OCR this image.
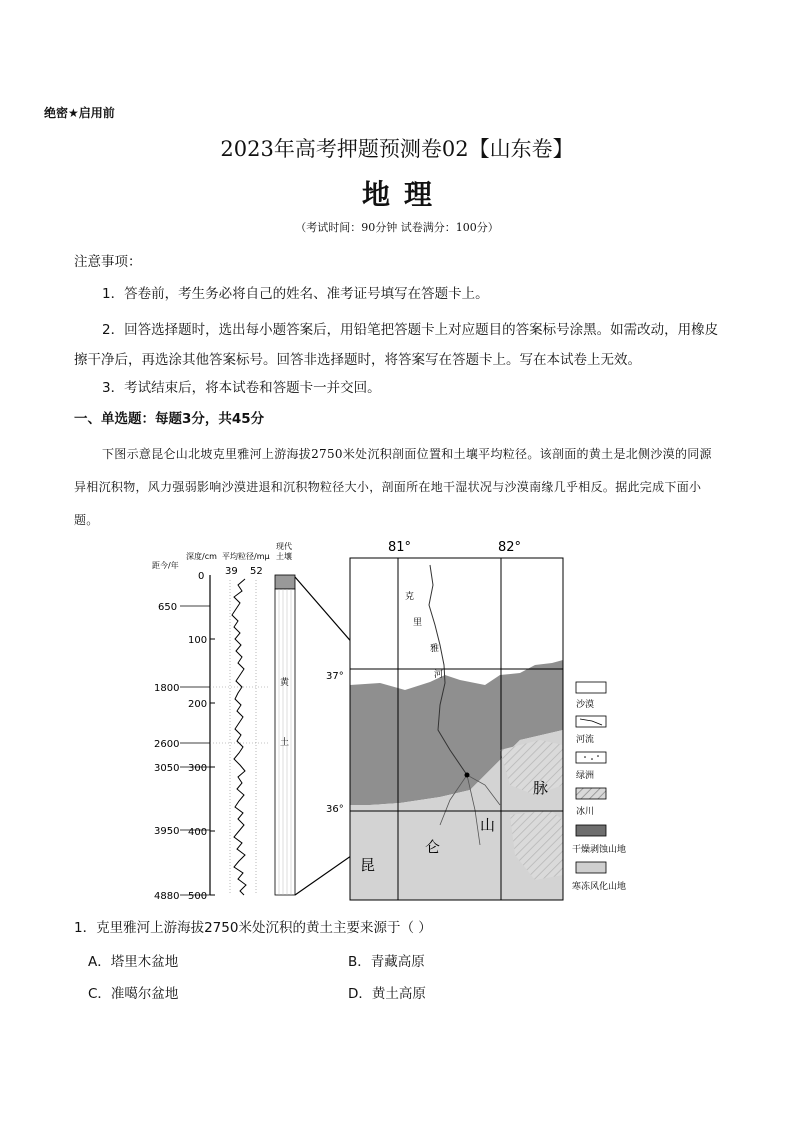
绝密★启用前
2023年高考押题预测卷02【山东卷】
地理
（考试时间：90分钟 试卷满分：100分）
注意事项：
1．答卷前，考生务必将自己的姓名、准考证号填写在答题卡上。
2．回答选择题时，选出每小题答案后，用铅笔把答题卡上对应题目的答案标号涂黑。如需改动，用橡皮擦干净后，再选涂其他答案标号。回答非选择题时，将答案写在答题卡上。写在本试卷上无效。
3．考试结束后，将本试卷和答题卡一并交回。
一、单选题：每题3分，共45分
下图示意昆仑山北坡克里雅河上游海拔2750米处沉积剖面位置和土壤平均粒径。该剖面的黄土是北侧沙漠的同源异相沉积物，风力强弱影响沙漠进退和沉积物粒径大小，剖面所在地干湿状况与沙漠南缘几乎相反。据此完成下面小题。
距今/年
深度/cm 平均粒径/mμ
现代
土壤
39 52
0
100
200
300
400
500
650
1800
2600
3050
3950
4880
黄
土
81°	82°
37°
36°
克
里
雅
河
昆
仑
山
脉
沙漠
河流
绿洲
冰川
干燥剥蚀山地
寒冻风化山地
1．克里雅河上游海拔2750米处沉积的黄土主要来源于（ ）
A．塔里木盆地	B．青藏高原
C．准噶尔盆地	D．黄土高原
